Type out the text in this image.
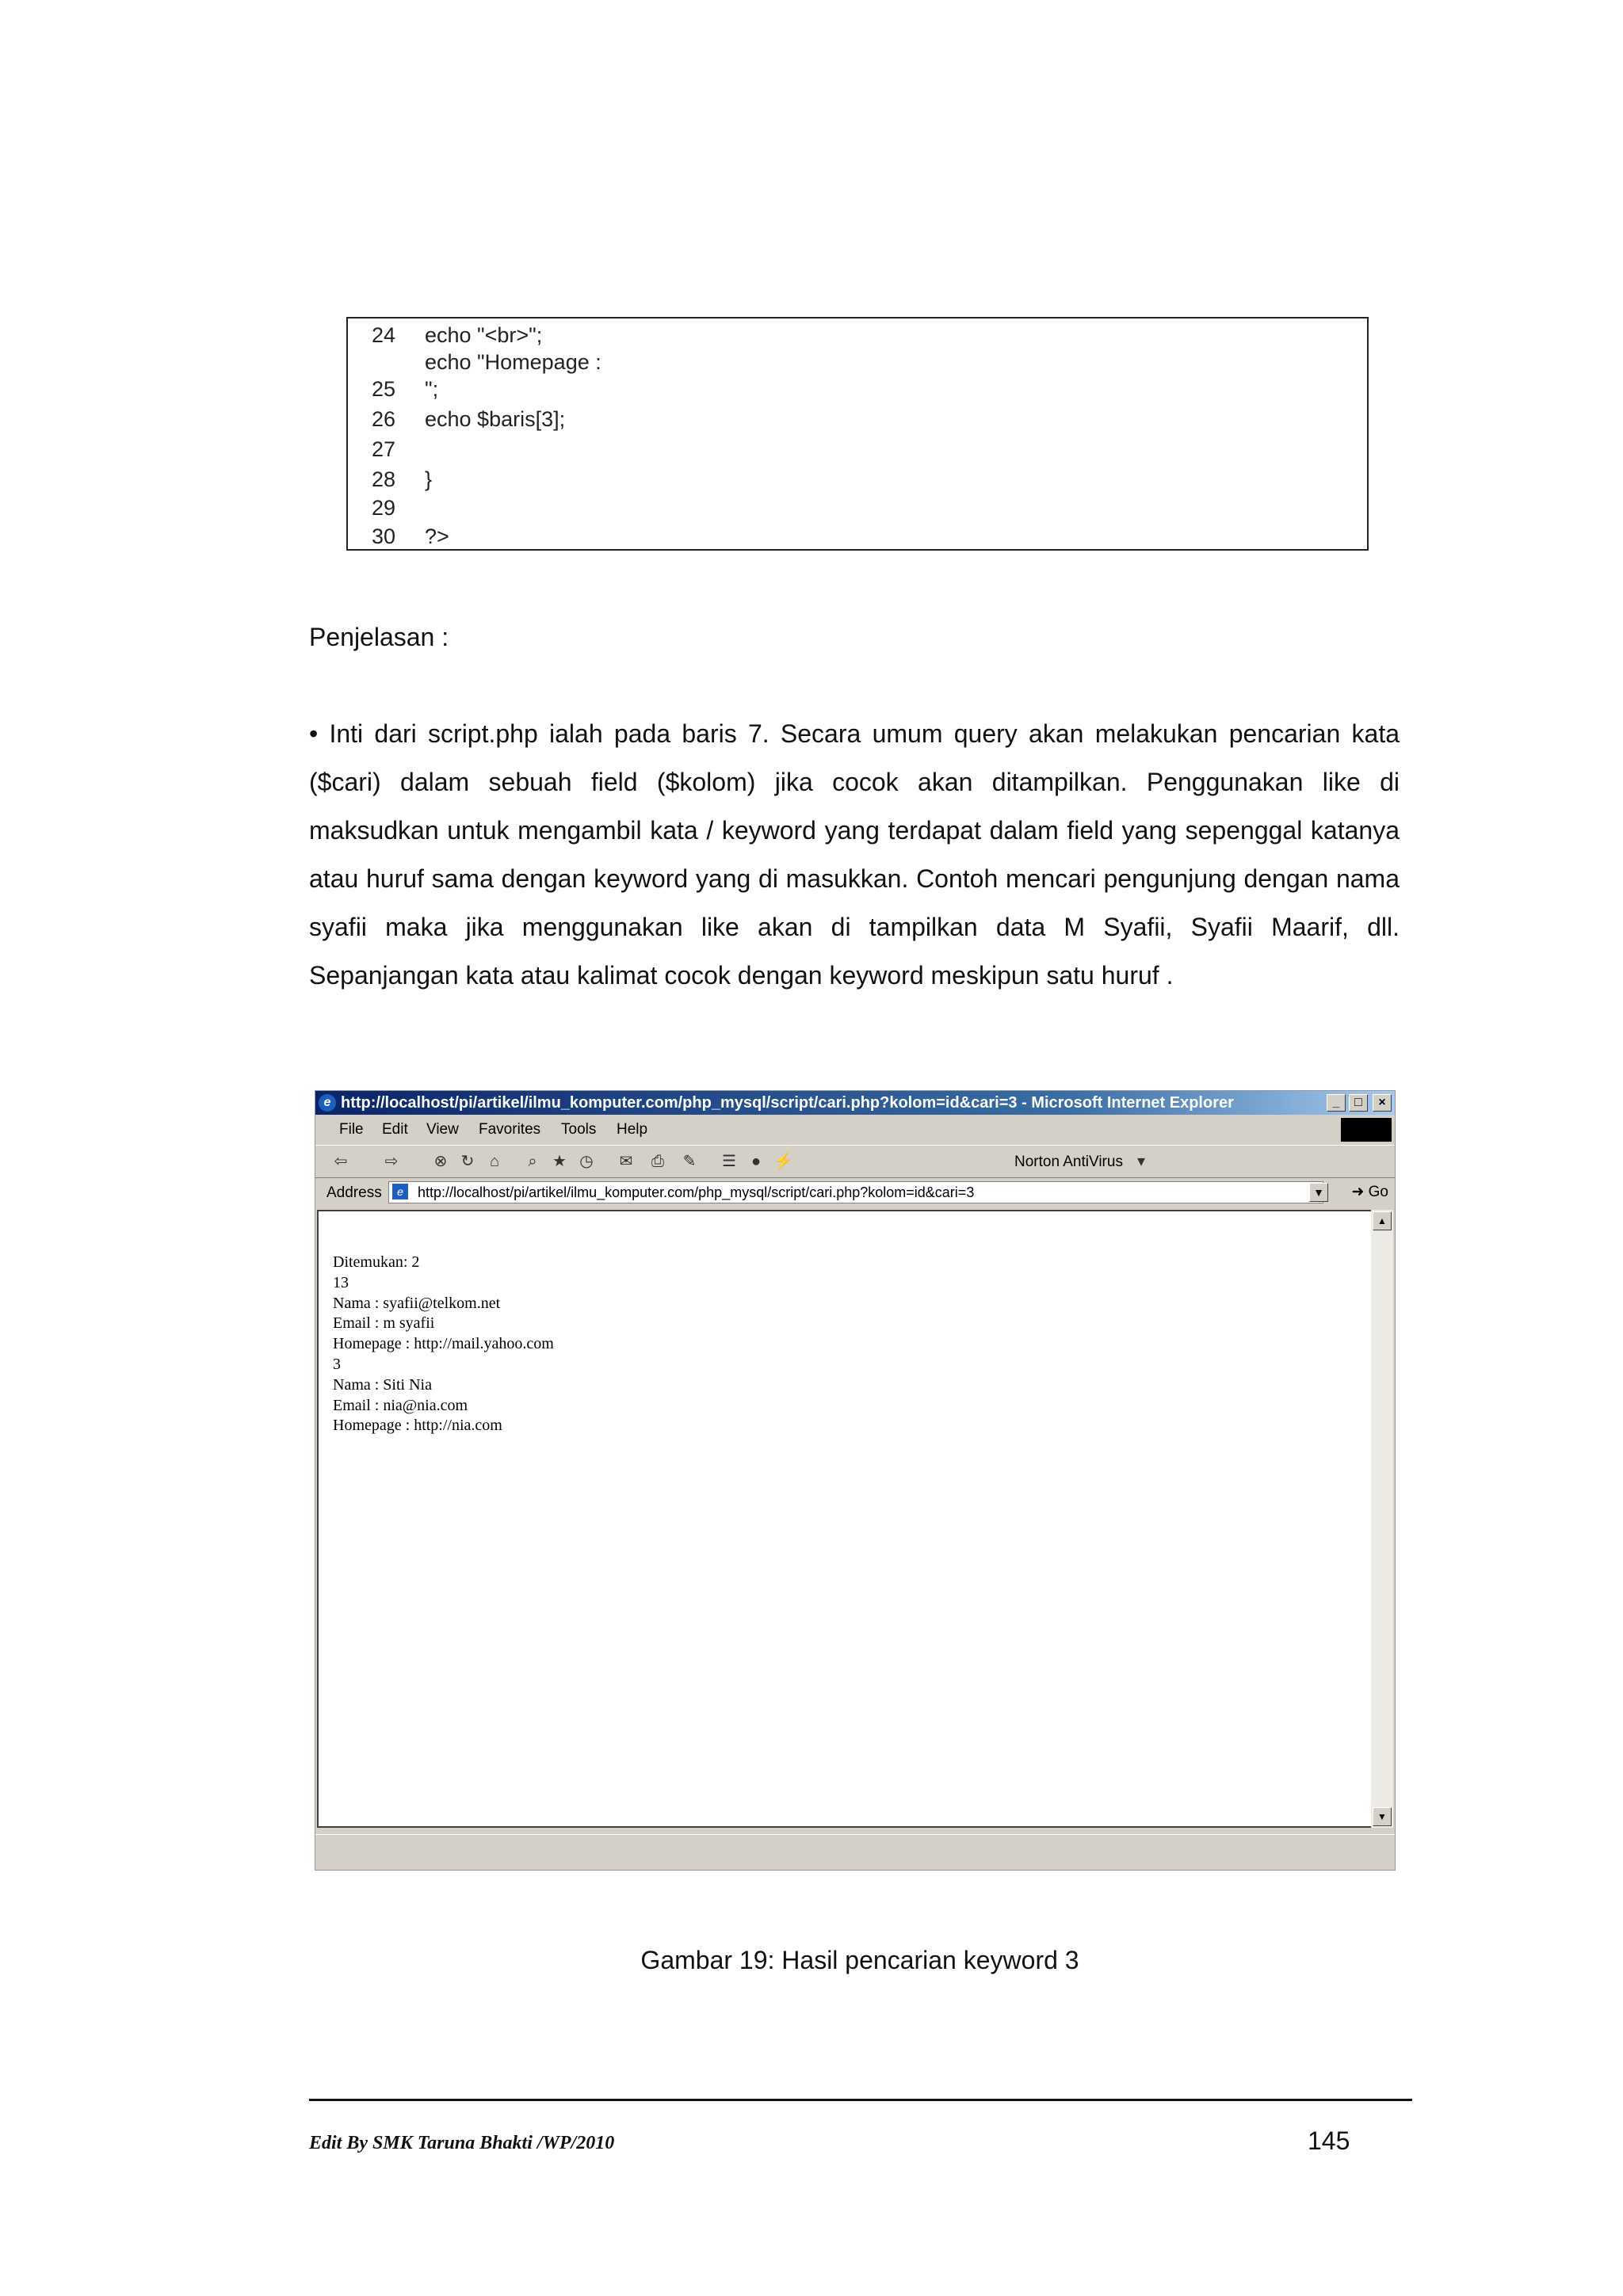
24	echo "<br>";
echo "Homepage :
25	";
26	echo $baris[3];
27
28	}
29
30	?>
Penjelasan :

• Inti dari script.php ialah pada baris 7. Secara umum query akan melakukan pencarian kata ($cari) dalam sebuah field ($kolom) jika cocok akan ditampilkan. Penggunakan like di maksudkan untuk mengambil kata / keyword yang terdapat dalam field yang sepenggal katanya atau huruf sama dengan keyword yang di masukkan. Contoh mencari pengunjung dengan nama syafii maka jika menggunakan like akan di tampilkan data M Syafii, Syafii Maarif, dll. Sepanjangan kata atau kalimat cocok dengan keyword meskipun satu huruf .

e http://localhost/pi/artikel/ilmu_komputer.com/php_mysql/script/cari.php?kolom=id&cari=3 - Microsoft Internet Explorer	_	□	×
File Edit View Favorites Tools Help
⇦ ⇨ ⊗ ↻ ⌂	⌕ ★ ◷ ✉ ⎙ ✎ ☰ ● ⚡	Norton AntiVirus ▾
Address	e	http://localhost/pi/artikel/ilmu_komputer.com/php_mysql/script/cari.php?kolom=id&cari=3	▼ ➜ Go
Ditemukan: 2
13
Nama : syafii@telkom.net
Email : m syafii
Homepage : http://mail.yahoo.com
3
Nama : Siti Nia
Email : nia@nia.com
Homepage : http://nia.com
▲
▼
Gambar 19: Hasil pencarian keyword 3
Edit By SMK Taruna Bhakti /WP/2010	145
